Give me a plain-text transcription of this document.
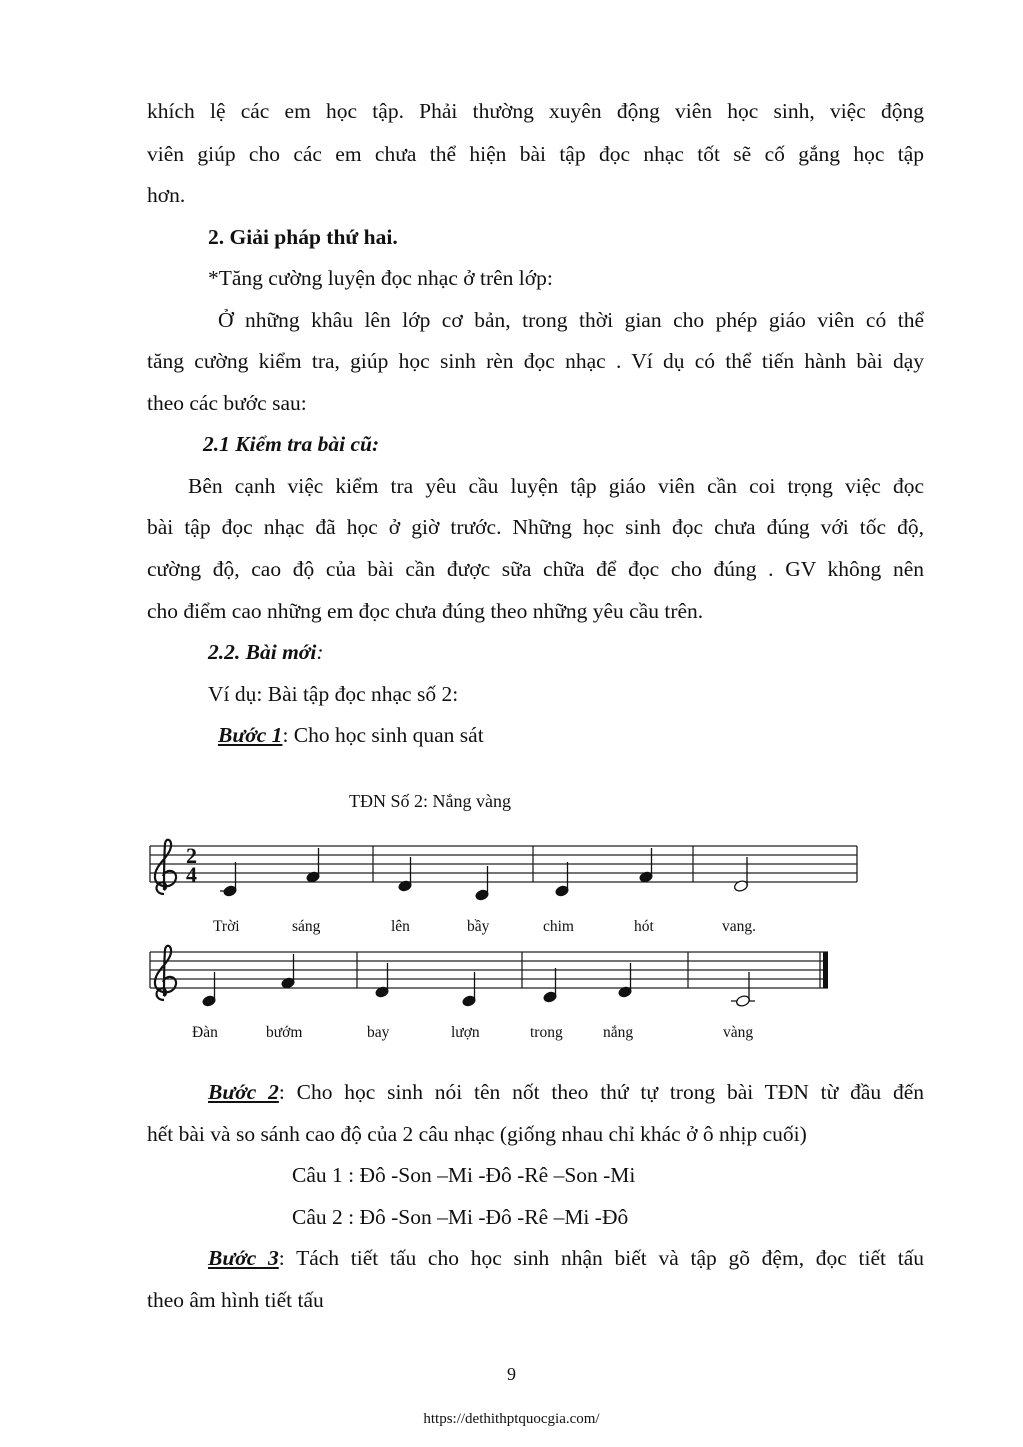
khích lệ các em học tập. Phải thường xuyên động viên học sinh, việc động
viên giúp cho các em chưa thể hiện bài tập đọc nhạc tốt sẽ cố gắng học tập
hơn.
2. Giải pháp thứ hai.
*Tăng cường luyện đọc nhạc ở trên lớp:
Ở những khâu lên lớp cơ bản, trong thời gian cho phép giáo viên có thể
tăng cường kiểm tra, giúp học sinh rèn đọc nhạc . Ví dụ có thể tiến hành bài dạy
theo các bước sau:
2.1 Kiểm tra bài cũ:
Bên cạnh việc kiểm tra yêu cầu luyện tập giáo viên cần coi trọng việc đọc
bài tập đọc nhạc đã học ở giờ trước. Những học sinh đọc chưa đúng với tốc độ,
cường độ, cao độ của bài cần được sữa chữa để đọc cho đúng . GV không nên
cho điểm cao những em đọc chưa đúng theo những yêu cầu trên.
2.2. Bài mới:
Ví dụ: Bài tập đọc nhạc số 2:
Bước 1: Cho học sinh quan sát
TĐN Số 2: Nắng vàng
2
4
Trời	sáng	lên	bầy	chim	hót	vang.
Đàn	bướm	bay	lượn	trong	nắng	vàng
Bước 2: Cho học sinh nói tên nốt theo thứ tự trong bài TĐN từ đầu đến
hết bài và so sánh cao độ của 2 câu nhạc (giống nhau chỉ khác ở ô nhịp cuối)
Câu 1 : Đô -Son –Mi -Đô -Rê –Son -Mi
Câu 2 : Đô -Son –Mi -Đô -Rê –Mi -Đô
Bước 3: Tách tiết tấu cho học sinh nhận biết và tập gõ đệm, đọc tiết tấu
theo âm hình tiết tấu
9
https://dethithptquocgia.com/
